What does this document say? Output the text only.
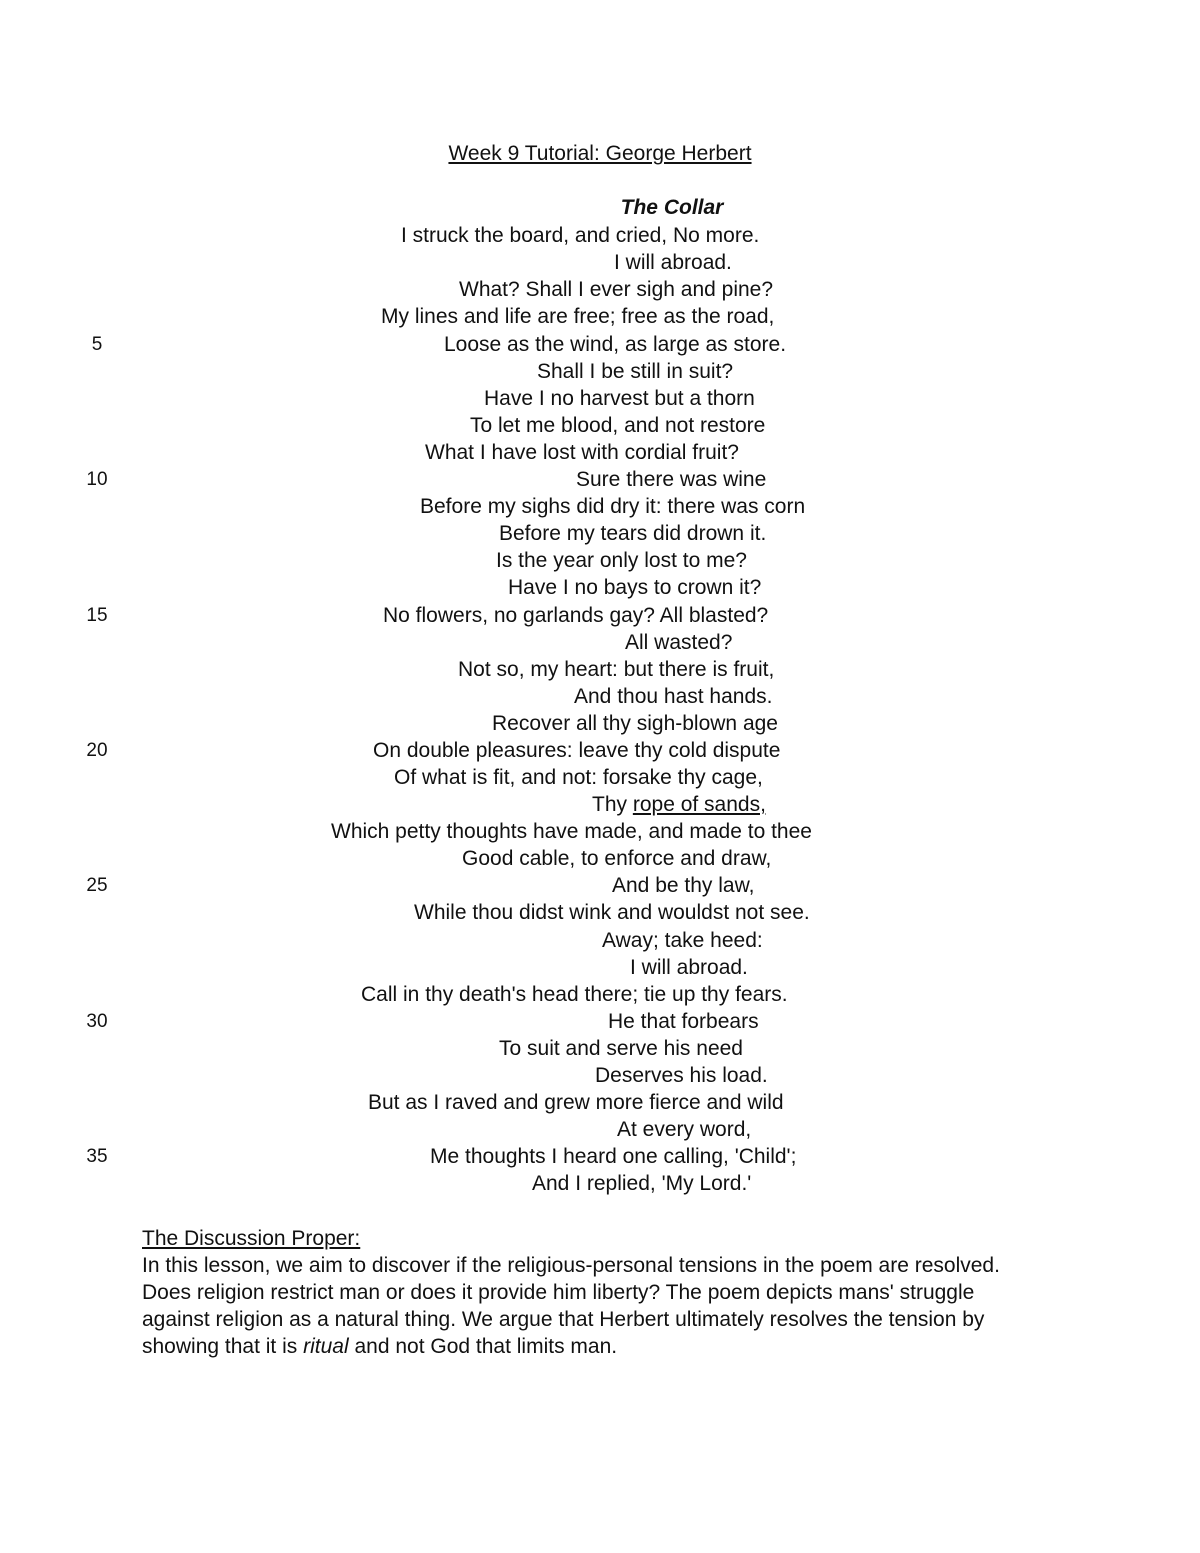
Week 9 Tutorial: George Herbert
The Collar
I struck the board, and cried, No more.
I will abroad.
What? Shall I ever sigh and pine?
My lines and life are free; free as the road,
5	Loose as the wind, as large as store.
Shall I be still in suit?
Have I no harvest but a thorn
To let me blood, and not restore
What I have lost with cordial fruit?
10	Sure there was wine
Before my sighs did dry it: there was corn
Before my tears did drown it.
Is the year only lost to me?
Have I no bays to crown it?
15	No flowers, no garlands gay? All blasted?
All wasted?
Not so, my heart: but there is fruit,
And thou hast hands.
Recover all thy sigh-blown age
20	On double pleasures: leave thy cold dispute
Of what is fit, and not: forsake thy cage,
Thy rope of sands,
Which petty thoughts have made, and made to thee
Good cable, to enforce and draw,
25	And be thy law,
While thou didst wink and wouldst not see.
Away; take heed:
I will abroad.
Call in thy death's head there; tie up thy fears.
30	He that forbears
To suit and serve his need
Deserves his load.
But as I raved and grew more fierce and wild
At every word,
35	Me thoughts I heard one calling, 'Child';
And I replied, 'My Lord.'
The Discussion Proper:

In this lesson, we aim to discover if the religious-personal tensions in the poem are resolved. Does religion restrict man or does it provide him liberty? The poem depicts mans' struggle against religion as a natural thing. We argue that Herbert ultimately resolves the tension by showing that it is ritual and not God that limits man.
